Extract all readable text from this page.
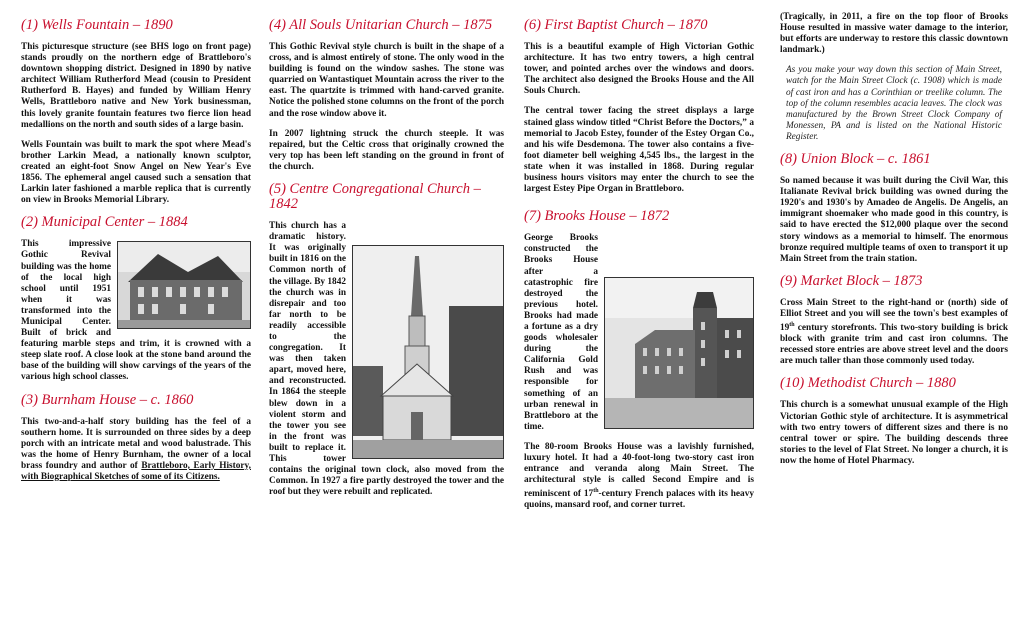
(1) Wells Fountain – 1890

This picturesque structure (see BHS logo on front page) stands proudly on the northern edge of Brattleboro's downtown shopping district. Designed in 1890 by native architect William Rutherford Mead (cousin to President Rutherford B. Hayes) and funded by William Henry Wells, Brattleboro native and New York businessman, this lovely granite fountain features two fierce lion head medallions on the north and south sides of a large basin.

Wells Fountain was built to mark the spot where Mead's brother Larkin Mead, a nationally known sculptor, created an eight-foot Snow Angel on New Year's Eve 1856. The ephemeral angel caused such a sensation that Larkin later fashioned a marble replica that is currently on view in Brooks Memorial Library.

(2) Municipal Center – 1884

This impressive Gothic Revival building was the home of the local high school until 1951 when it was transformed into the Municipal Center. Built of brick and featuring marble steps and trim, it is crowned with a steep slate roof. A close look at the stone band around the base of the building will show carvings of the years of the various high school classes.

(3) Burnham House – c. 1860

This two-and-a-half story building has the feel of a southern home. It is surrounded on three sides by a deep porch with an intricate metal and wood balustrade. This was the home of Henry Burnham, the owner of a local brass foundry and author of Brattleboro, Early History, with Biographical Sketches of some of its Citizens.

(4) All Souls Unitarian Church – 1875

This Gothic Revival style church is built in the shape of a cross, and is almost entirely of stone. The only wood in the building is found on the window sashes. The stone was quarried on Wantastiquet Mountain across the river to the east. The quartzite is trimmed with hand-carved granite. Notice the polished stone columns on the front of the porch and the rose window above it.

In 2007 lightning struck the church steeple. It was repaired, but the Celtic cross that originally crowned the very top has been left standing on the ground in front of the church.

(5) Centre Congregational Church – 1842

This church has a dramatic history. It was originally built in 1816 on the Common north of the village. By 1842 the church was in disrepair and too far north to be readily accessible to the congregation. It was then taken apart, moved here, and reconstructed. In 1864 the steeple blew down in a violent storm and the tower you see in the front was built to replace it. This tower contains the original town clock, also moved from the Common. In 1927 a fire partly destroyed the tower and the roof but they were rebuilt and replicated.

(6) First Baptist Church – 1870

This is a beautiful example of High Victorian Gothic architecture. It has two entry towers, a high central tower, and pointed arches over the windows and doors. The architect also designed the Brooks House and the All Souls Church.

The central tower facing the street displays a large stained glass window titled “Christ Before the Doctors,” a memorial to Jacob Estey, founder of the Estey Organ Co., and his wife Desdemona. The tower also contains a five-foot diameter bell weighing 4,545 lbs., the largest in the state when it was installed in 1868. During regular business hours visitors may enter the church to see the largest Estey Pipe Organ in Brattleboro.

(7) Brooks House – 1872

George Brooks constructed the Brooks House after a catastrophic fire destroyed the previous hotel. Brooks had made a fortune as a dry goods wholesaler during the California Gold Rush and was responsible for something of an urban renewal in Brattleboro at the time.

The 80-room Brooks House was a lavishly furnished, luxury hotel. It had a 40-foot-long two-story cast iron entrance and veranda along Main Street. The architectural style is called Second Empire and is reminiscent of 17th-century French palaces with its heavy quoins, mansard roof, and corner turret.

(Tragically, in 2011, a fire on the top floor of Brooks House resulted in massive water damage to the interior, but efforts are underway to restore this classic downtown landmark.)

As you make your way down this section of Main Street, watch for the Main Street Clock (c. 1908) which is made of cast iron and has a Corinthian or treelike column. The top of the column resembles acacia leaves. The clock was manufactured by the Brown Street Clock Company of Monessen, PA and is listed on the National Historic Register.

(8) Union Block – c. 1861

So named because it was built during the Civil War, this Italianate Revival brick building was owned during the 1920's and 1930's by Amadeo de Angelis. De Angelis, an immigrant shoemaker who made good in this country, is said to have erected the $12,000 plaque over the second story windows as a memorial to himself. The enormous bronze required multiple teams of oxen to transport it up Main Street from the train station.

(9) Market Block – 1873

Cross Main Street to the right-hand or (north) side of Elliot Street and you will see the town's best examples of 19th century storefronts. This two-story building is brick block with granite trim and cast iron columns. The recessed store entries are above street level and the doors are much taller than those commonly used today.

(10) Methodist Church – 1880

This church is a somewhat unusual example of the High Victorian Gothic style of architecture. It is asymmetrical with two entry towers of different sizes and there is no central tower or spire. The building descends three stories to the level of Flat Street. No longer a church, it is now the home of Hotel Pharmacy.
